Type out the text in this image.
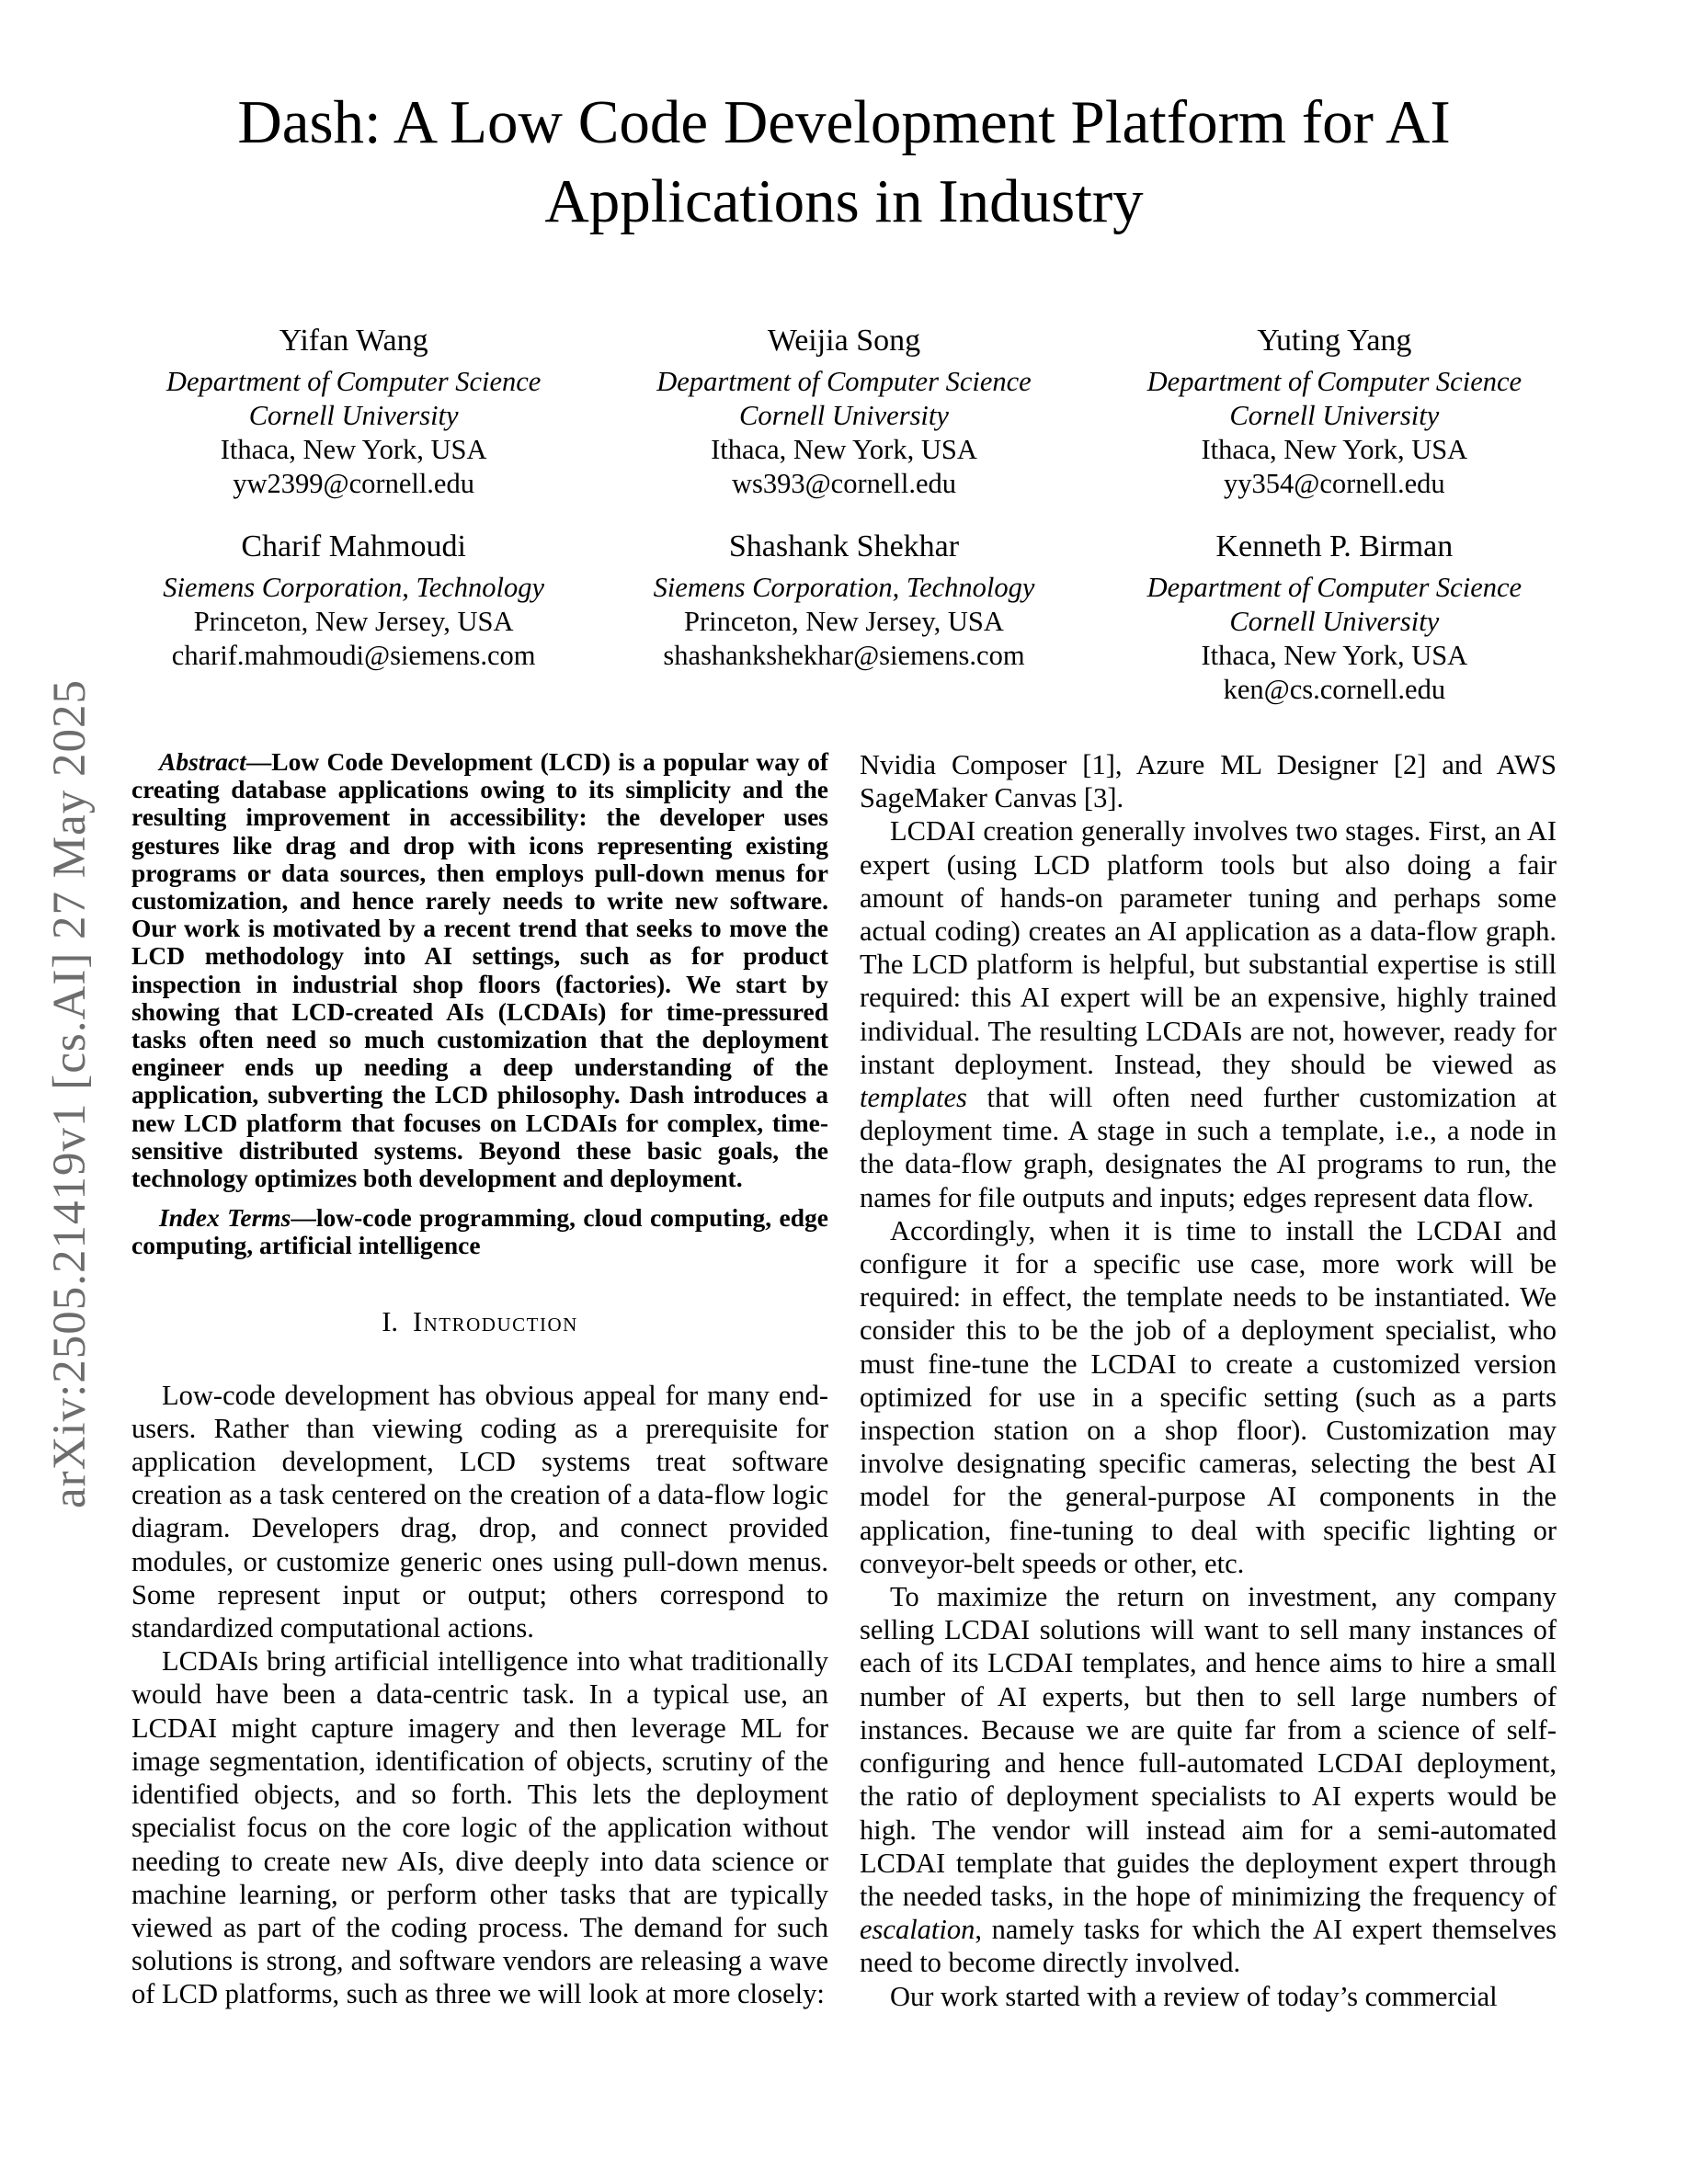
arXiv:2505.21419v1 [cs.AI] 27 May 2025
Dash: A Low Code Development Platform for AI
Applications in Industry
Yifan Wang
Department of Computer Science
Cornell University
Ithaca, New York, USA
yw2399@cornell.edu
Weijia Song
Department of Computer Science
Cornell University
Ithaca, New York, USA
ws393@cornell.edu
Yuting Yang
Department of Computer Science
Cornell University
Ithaca, New York, USA
yy354@cornell.edu
Charif Mahmoudi
Siemens Corporation, Technology
Princeton, New Jersey, USA
charif.mahmoudi@siemens.com
Shashank Shekhar
Siemens Corporation, Technology
Princeton, New Jersey, USA
shashankshekhar@siemens.com
Kenneth P. Birman
Department of Computer Science
Cornell University
Ithaca, New York, USA
ken@cs.cornell.edu

Abstract—Low Code Development (LCD) is a popular way of creating database applications owing to its simplicity and the resulting improvement in accessibility: the developer uses gestures like drag and drop with icons representing existing programs or data sources, then employs pull-down menus for customization, and hence rarely needs to write new software. Our work is motivated by a recent trend that seeks to move the LCD methodology into AI settings, such as for product inspection in industrial shop floors (factories). We start by showing that LCD-created AIs (LCDAIs) for time-pressured tasks often need so much customization that the deployment engineer ends up needing a deep understanding of the application, subverting the LCD philosophy. Dash introduces a new LCD platform that focuses on LCDAIs for complex, time-sensitive distributed systems. Beyond these basic goals, the technology optimizes both development and deployment.

Index Terms—low-code programming, cloud computing, edge computing, artificial intelligence

I. Introduction

Low-code development has obvious appeal for many end-users. Rather than viewing coding as a prerequisite for application development, LCD systems treat software creation as a task centered on the creation of a data-flow logic diagram. Developers drag, drop, and connect provided modules, or customize generic ones using pull-down menus. Some represent input or output; others correspond to standardized computational actions.

LCDAIs bring artificial intelligence into what traditionally would have been a data-centric task. In a typical use, an LCDAI might capture imagery and then leverage ML for image segmentation, identification of objects, scrutiny of the identified objects, and so forth. This lets the deployment specialist focus on the core logic of the application without needing to create new AIs, dive deeply into data science or machine learning, or perform other tasks that are typically viewed as part of the coding process. The demand for such solutions is strong, and software vendors are releasing a wave of LCD platforms, such as three we will look at more closely:

Nvidia Composer [1], Azure ML Designer [2] and AWS SageMaker Canvas [3].

LCDAI creation generally involves two stages. First, an AI expert (using LCD platform tools but also doing a fair amount of hands-on parameter tuning and perhaps some actual coding) creates an AI application as a data-flow graph. The LCD platform is helpful, but substantial expertise is still required: this AI expert will be an expensive, highly trained individual. The resulting LCDAIs are not, however, ready for instant deployment. Instead, they should be viewed as templates that will often need further customization at deployment time. A stage in such a template, i.e., a node in the data-flow graph, designates the AI programs to run, the names for file outputs and inputs; edges represent data flow.

Accordingly, when it is time to install the LCDAI and configure it for a specific use case, more work will be required: in effect, the template needs to be instantiated. We consider this to be the job of a deployment specialist, who must fine-tune the LCDAI to create a customized version optimized for use in a specific setting (such as a parts inspection station on a shop floor). Customization may involve designating specific cameras, selecting the best AI model for the general-purpose AI components in the application, fine-tuning to deal with specific lighting or conveyor-belt speeds or other, etc.

To maximize the return on investment, any company selling LCDAI solutions will want to sell many instances of each of its LCDAI templates, and hence aims to hire a small number of AI experts, but then to sell large numbers of instances. Because we are quite far from a science of self-configuring and hence full-automated LCDAI deployment, the ratio of deployment specialists to AI experts would be high. The vendor will instead aim for a semi-automated LCDAI template that guides the deployment expert through the needed tasks, in the hope of minimizing the frequency of escalation, namely tasks for which the AI expert themselves need to become directly involved.

Our work started with a review of today’s commercial
